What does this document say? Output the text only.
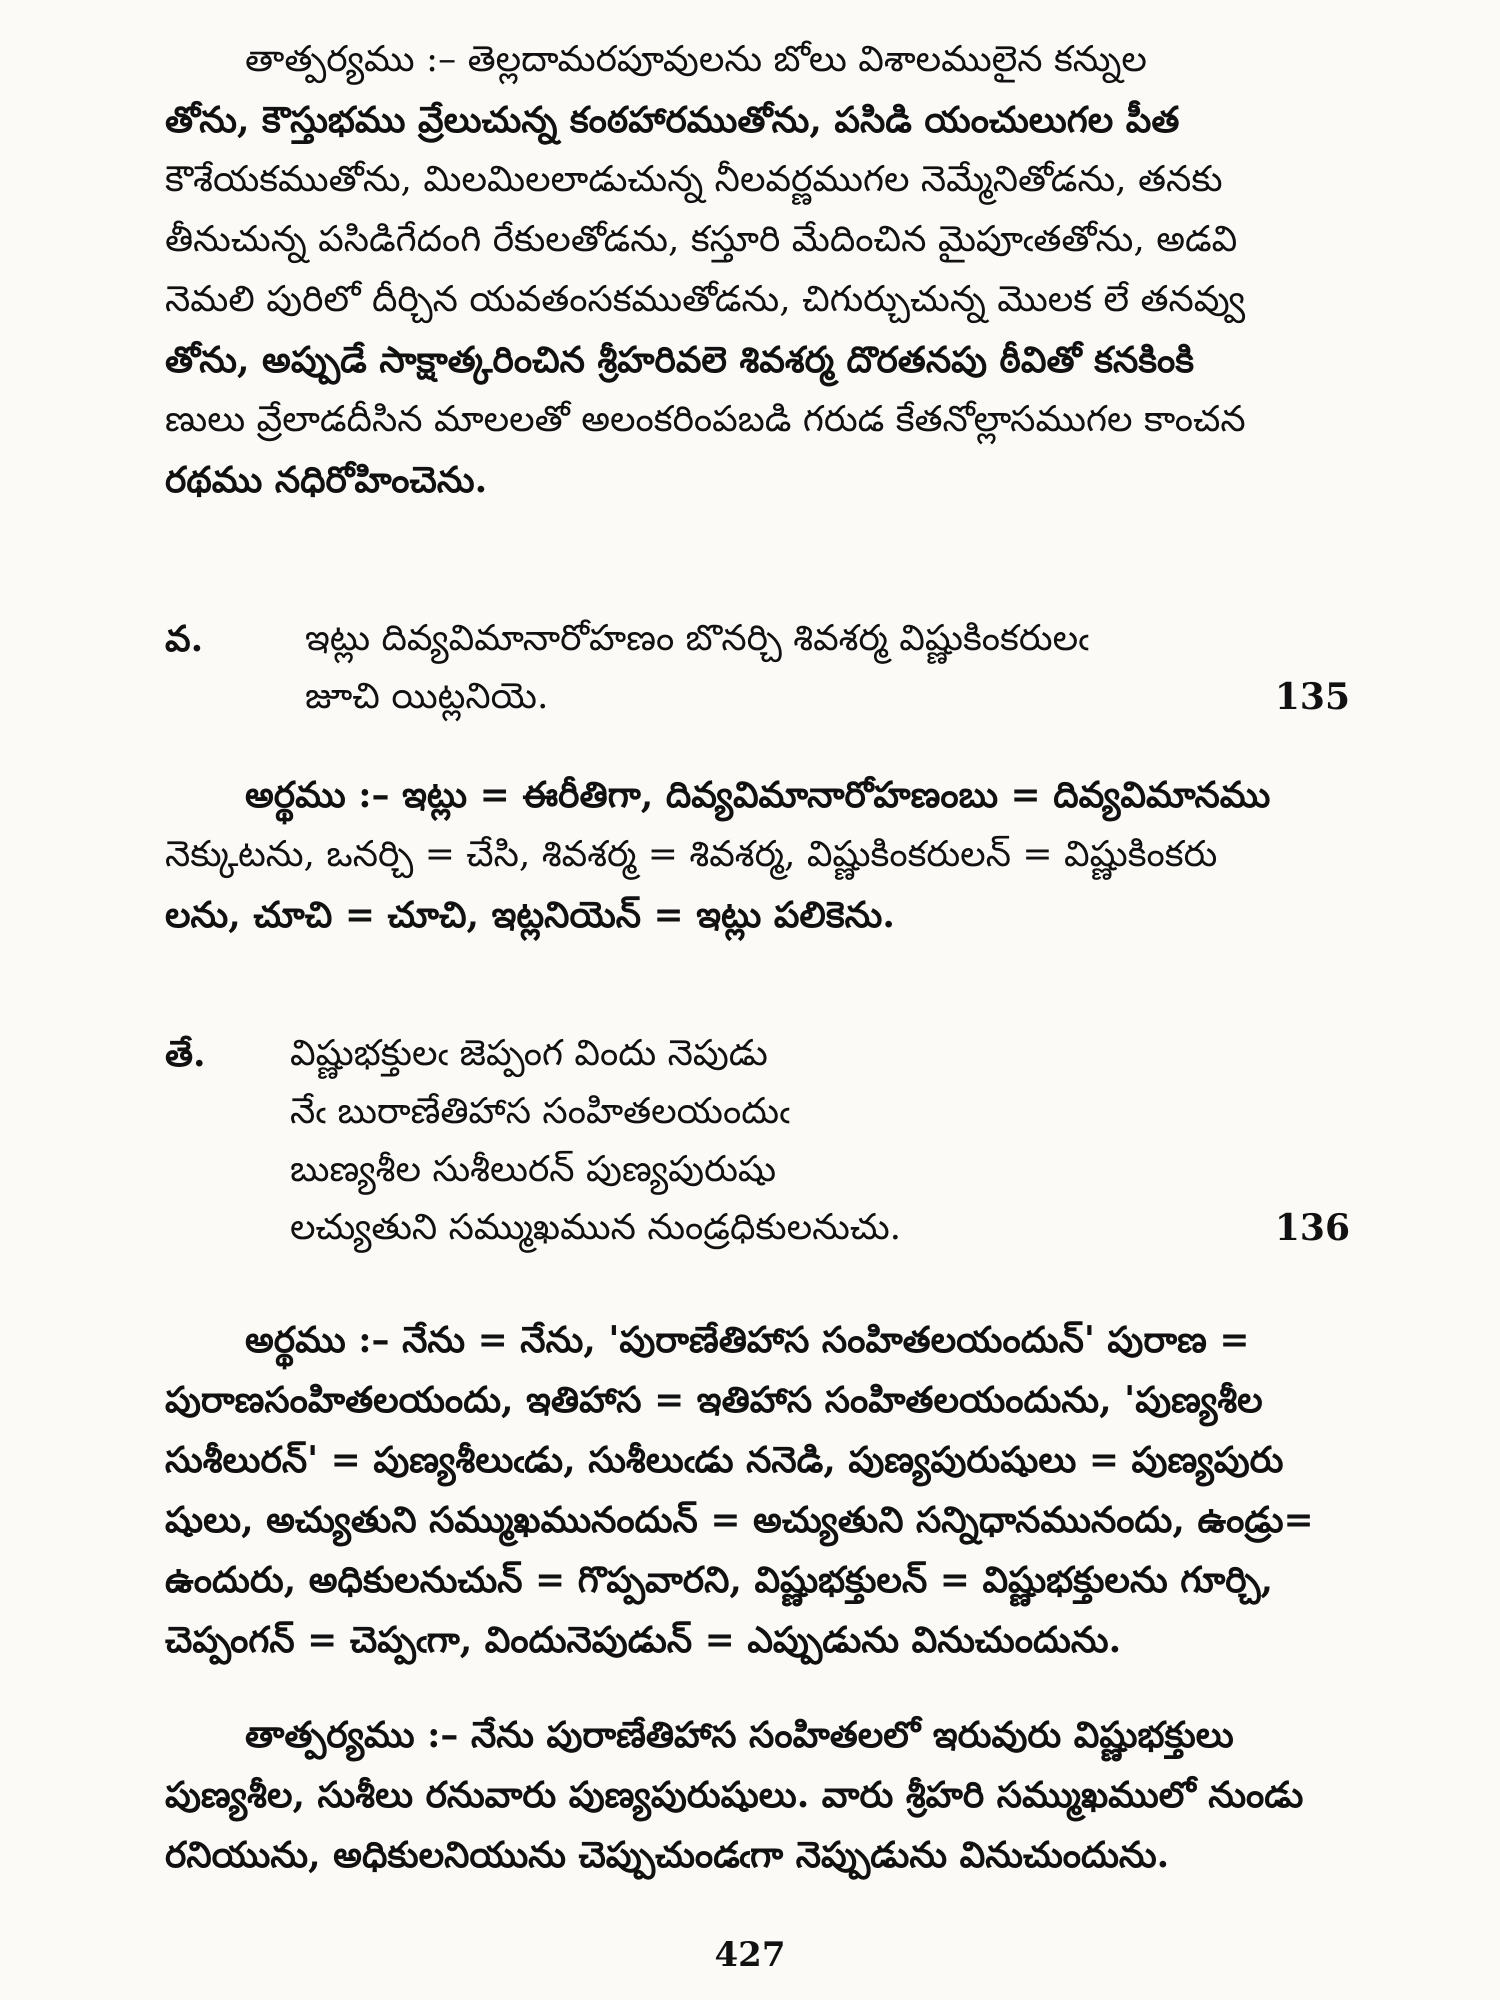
తాత్పర్యము :– తెల్లదామరపూవులను బోలు విశాలములైన కన్నుల
తోను, కౌస్తుభము వ్రేలుచున్న కంఠహారముతోను, పసిడి యంచులుగల పీత
కౌశేయకముతోను, మిలమిలలాడుచున్న నీలవర్ణముగల నెమ్మేనితోడను, తనకు
తీనుచున్న పసిడిగేదంగి రేకులతోడను, కస్తూరి మేదించిన మైపూఁతతోను, అడవి
నెమలి పురిలో దీర్చిన యవతంసకముతోడను, చిగుర్చుచున్న మొలక లే తనవ్వు
తోను, అప్పుడే సాక్షాత్కరించిన శ్రీహరివలె శివశర్మ దొరతనపు ఠీవితో కనకింకి
ణులు వ్రేలాడదీసిన మాలలతో అలంకరింపబడి గరుడ కేతనోల్లాసముగల కాంచన
రథము నధిరోహించెను.
వ.	ఇట్లు దివ్యవిమానారోహణం బొనర్చి శివశర్మ విష్ణుకింకరులఁ
జూచి యిట్లనియె.	135
అర్థము :– ఇట్లు = ఈరీతిగా, దివ్యవిమానారోహణంబు = దివ్యవిమానము
నెక్కుటను, ఒనర్చి = చేసి, శివశర్మ = శివశర్మ, విష్ణుకింకరులన్ = విష్ణుకింకరు
లను, చూచి = చూచి, ఇట్లనియెన్ = ఇట్లు పలికెను.
తే. విష్ణుభక్తులఁ జెప్పంగ విందు నెపుడు
నేఁ బురాణేతిహాస సంహితలయందుఁ
బుణ్యశీల సుశీలురన్ పుణ్యపురుషు
లచ్యుతుని సమ్ముఖమున నుండ్రధికులనుచు.	136
అర్థము :– నేను = నేను, 'పురాణేతిహాస సంహితలయందున్' పురాణ =
పురాణసంహితలయందు, ఇతిహాస = ఇతిహాస సంహితలయందును, 'పుణ్యశీల
సుశీలురన్' = పుణ్యశీలుఁడు, సుశీలుఁడు ననెడి, పుణ్యపురుషులు = పుణ్యపురు
షులు, అచ్యుతుని సమ్ముఖమునందున్ = అచ్యుతుని సన్నిధానమునందు, ఉండ్రు=
ఉందురు, అధికులనుచున్ = గొప్పవారని, విష్ణుభక్తులన్ = విష్ణుభక్తులను గూర్చి,
చెప్పంగన్ = చెప్పఁగా, విందునెపుడున్ = ఎప్పుడును వినుచుందును.
తాత్పర్యము :– నేను పురాణేతిహాస సంహితలలో ఇరువురు విష్ణుభక్తులు
పుణ్యశీల, సుశీలు రనువారు పుణ్యపురుషులు. వారు శ్రీహరి సమ్ముఖములో నుండు
రనియును, అధికులనియును చెప్పుచుండఁగా నెప్పుడును వినుచుందును.
427
